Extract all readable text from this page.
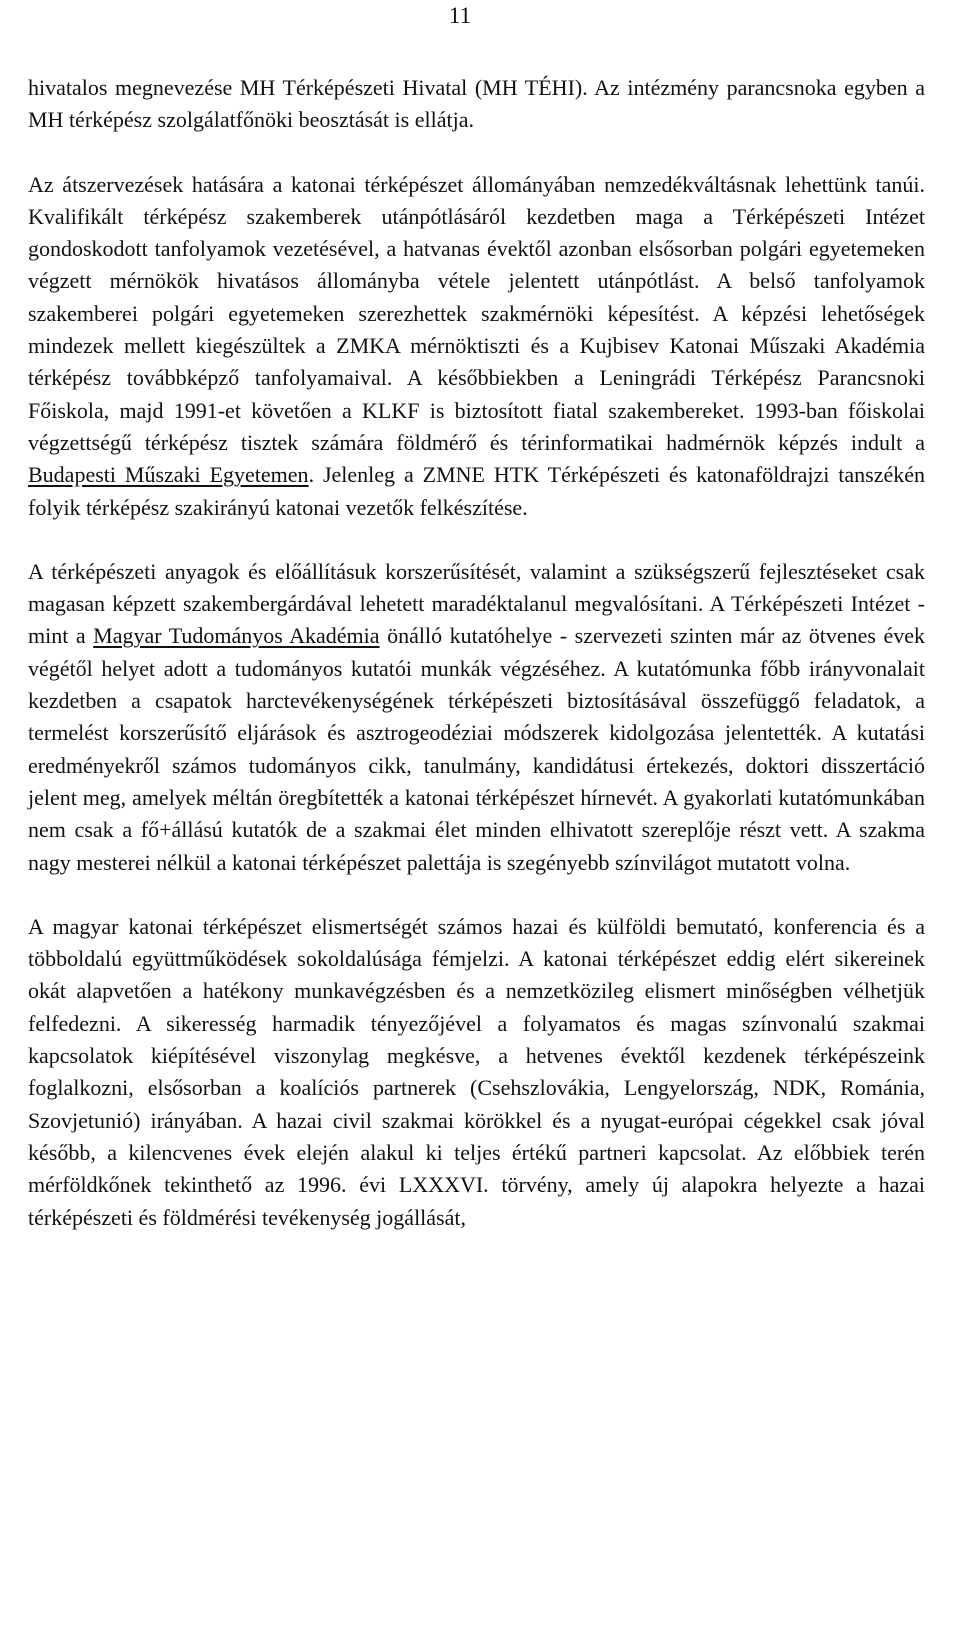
11

hivatalos megnevezése MH Térképészeti Hivatal (MH TÉHI). Az intézmény parancsnoka egyben a MH térképész szolgálatfőnöki beosztását is ellátja.

Az átszervezések hatására a katonai térképészet állományában nemzedékváltásnak lehettünk tanúi. Kvalifikált térképész szakemberek utánpótlásáról kezdetben maga a Térképészeti Intézet gondoskodott tanfolyamok vezetésével, a hatvanas évektől azonban elsősorban polgári egyetemeken végzett mérnökök hivatásos állományba vétele jelentett utánpótlást. A belső tanfolyamok szakemberei polgári egyetemeken szerezhettek szakmérnöki képesítést. A képzési lehetőségek mindezek mellett kiegészültek a ZMKA mérnöktiszti és a Kujbisev Katonai Műszaki Akadémia térképész továbbképző tanfolyamaival. A későbbiekben a Leningrádi Térképész Parancsnoki Főiskola, majd 1991-et követően a KLKF is biztosított fiatal szakembereket. 1993-ban főiskolai végzettségű térképész tisztek számára földmérő és térinformatikai hadmérnök képzés indult a Budapesti Műszaki Egyetemen. Jelenleg a ZMNE HTK Térképészeti és katonaföldrajzi tanszékén folyik térképész szakirányú katonai vezetők felkészítése.

A térképészeti anyagok és előállításuk korszerűsítését, valamint a szükségszerű fejlesztéseket csak magasan képzett szakembergárdával lehetett maradéktalanul megvalósítani. A Térképészeti Intézet - mint a Magyar Tudományos Akadémia önálló kutatóhelye - szervezeti szinten már az ötvenes évek végétől helyet adott a tudományos kutatói munkák végzéséhez. A kutatómunka főbb irányvonalait kezdetben a csapatok harctevékenységének térképészeti biztosításával összefüggő feladatok, a termelést korszerűsítő eljárások és asztrogeodéziai módszerek kidolgozása jelentették. A kutatási eredményekről számos tudományos cikk, tanulmány, kandidátusi értekezés, doktori disszertáció jelent meg, amelyek méltán öregbítették a katonai térképészet hírnevét. A gyakorlati kutatómunkában nem csak a fő+állású kutatók de a szakmai élet minden elhivatott szereplője részt vett. A szakma nagy mesterei nélkül a katonai térképészet palettája is szegényebb színvilágot mutatott volna.

A magyar katonai térképészet elismertségét számos hazai és külföldi bemutató, konferencia és a többoldalú együttműködések sokoldalúsága fémjelzi. A katonai térképészet eddig elért sikereinek okát alapvetően a hatékony munkavégzésben és a nemzetközileg elismert minőségben vélhetjük felfedezni. A sikeresség harmadik tényezőjével a folyamatos és magas színvonalú szakmai kapcsolatok kiépítésével viszonylag megkésve, a hetvenes évektől kezdenek térképészeink foglalkozni, elsősorban a koalíciós partnerek (Csehszlovákia, Lengyelország, NDK, Románia, Szovjetunió) irányában. A hazai civil szakmai körökkel és a nyugat-európai cégekkel csak jóval később, a kilencvenes évek elején alakul ki teljes értékű partneri kapcsolat. Az előbbiek terén mérföldkőnek tekinthető az 1996. évi LXXXVI. törvény, amely új alapokra helyezte a hazai térképészeti és földmérési tevékenység jogállását,
